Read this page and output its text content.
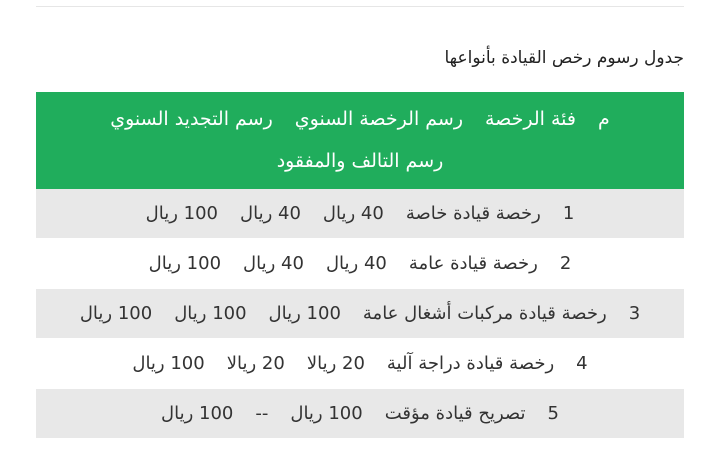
جدول رسوم رخص القيادة بأنواعها
مفئة الرخصةرسم الرخصة السنويرسم التجديد السنويرسم التالف والمفقود
1رخصة قيادة خاصة40 ريال40 ريال100 ريال
2رخصة قيادة عامة40 ريال40 ريال100 ريال
3رخصة قيادة مركبات أشغال عامة100 ريال100 ريال100 ريال
4رخصة قيادة دراجة آلية20 ريالا20 ريالا100 ريال
5تصريح قيادة مؤقت100 ريال--100 ريال
